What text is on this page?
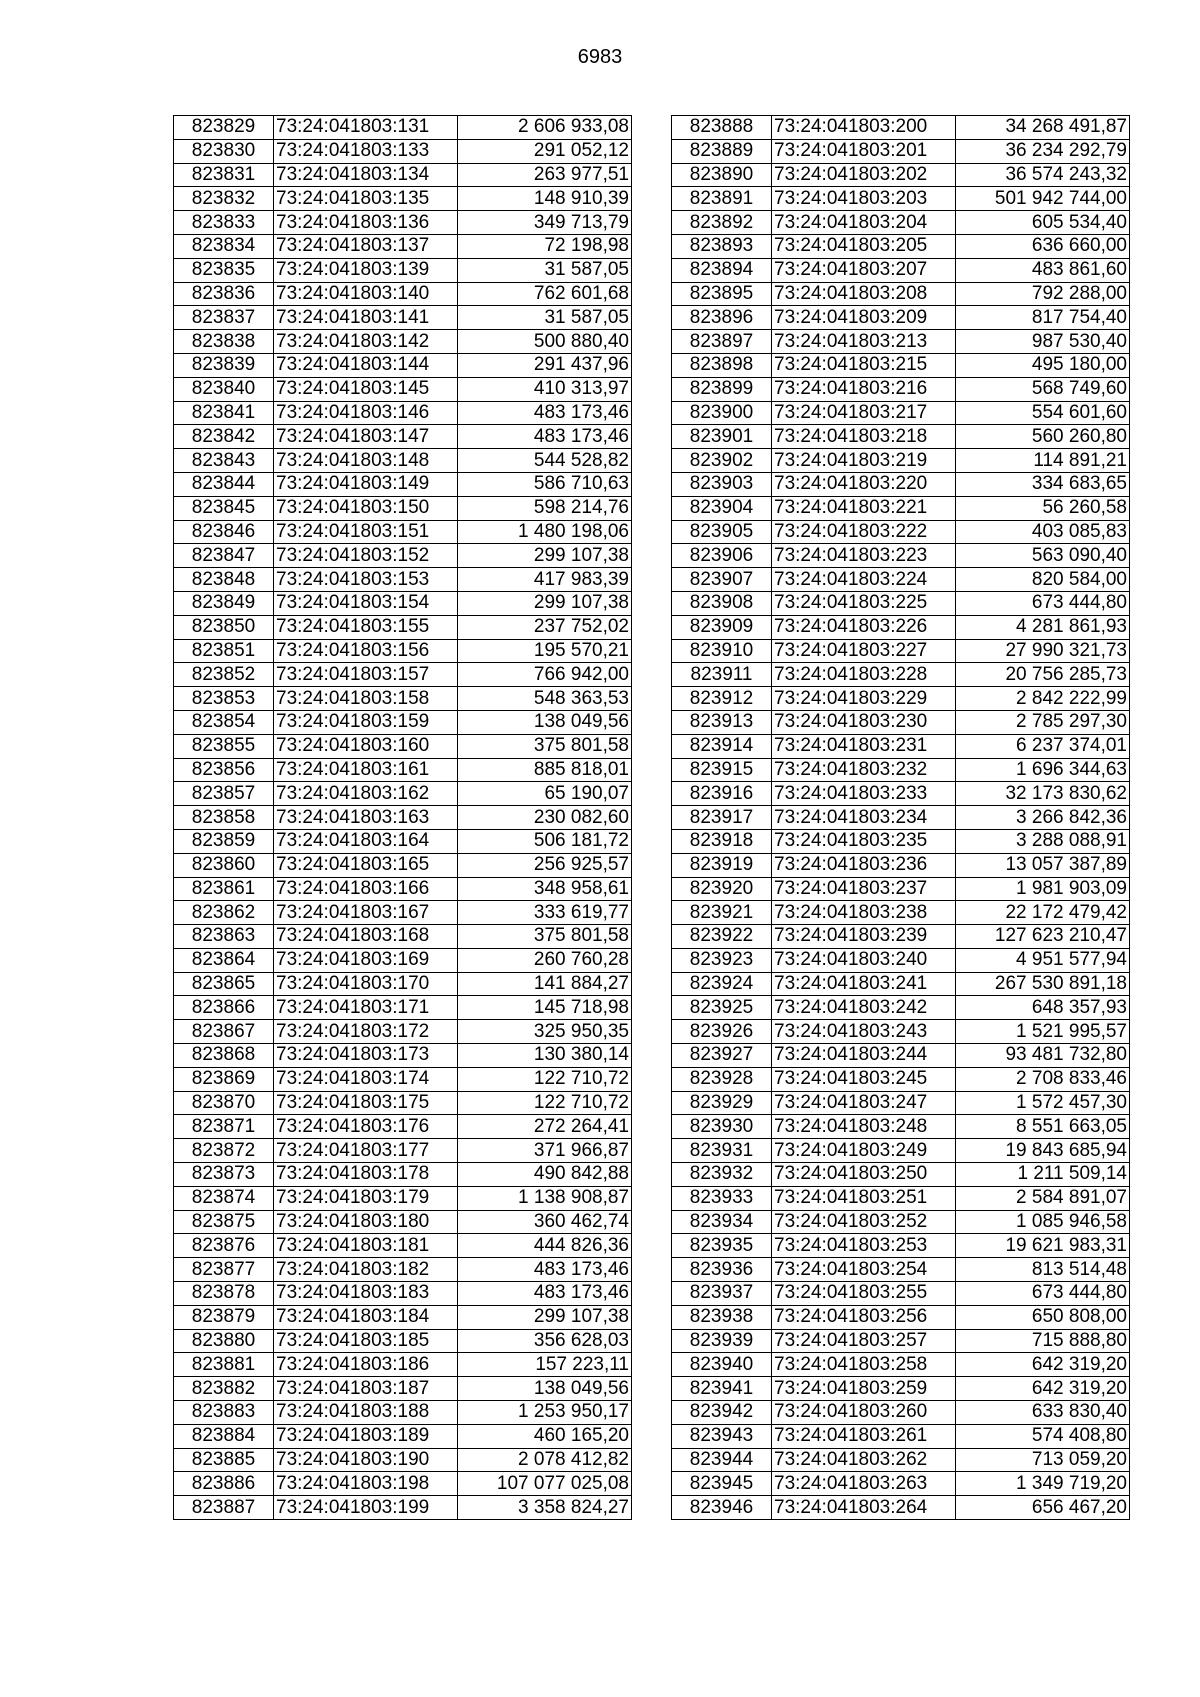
6983
823829	73:24:041803:131	2 606 933,08
823830	73:24:041803:133	291 052,12
823831	73:24:041803:134	263 977,51
823832	73:24:041803:135	148 910,39
823833	73:24:041803:136	349 713,79
823834	73:24:041803:137	72 198,98
823835	73:24:041803:139	31 587,05
823836	73:24:041803:140	762 601,68
823837	73:24:041803:141	31 587,05
823838	73:24:041803:142	500 880,40
823839	73:24:041803:144	291 437,96
823840	73:24:041803:145	410 313,97
823841	73:24:041803:146	483 173,46
823842	73:24:041803:147	483 173,46
823843	73:24:041803:148	544 528,82
823844	73:24:041803:149	586 710,63
823845	73:24:041803:150	598 214,76
823846	73:24:041803:151	1 480 198,06
823847	73:24:041803:152	299 107,38
823848	73:24:041803:153	417 983,39
823849	73:24:041803:154	299 107,38
823850	73:24:041803:155	237 752,02
823851	73:24:041803:156	195 570,21
823852	73:24:041803:157	766 942,00
823853	73:24:041803:158	548 363,53
823854	73:24:041803:159	138 049,56
823855	73:24:041803:160	375 801,58
823856	73:24:041803:161	885 818,01
823857	73:24:041803:162	65 190,07
823858	73:24:041803:163	230 082,60
823859	73:24:041803:164	506 181,72
823860	73:24:041803:165	256 925,57
823861	73:24:041803:166	348 958,61
823862	73:24:041803:167	333 619,77
823863	73:24:041803:168	375 801,58
823864	73:24:041803:169	260 760,28
823865	73:24:041803:170	141 884,27
823866	73:24:041803:171	145 718,98
823867	73:24:041803:172	325 950,35
823868	73:24:041803:173	130 380,14
823869	73:24:041803:174	122 710,72
823870	73:24:041803:175	122 710,72
823871	73:24:041803:176	272 264,41
823872	73:24:041803:177	371 966,87
823873	73:24:041803:178	490 842,88
823874	73:24:041803:179	1 138 908,87
823875	73:24:041803:180	360 462,74
823876	73:24:041803:181	444 826,36
823877	73:24:041803:182	483 173,46
823878	73:24:041803:183	483 173,46
823879	73:24:041803:184	299 107,38
823880	73:24:041803:185	356 628,03
823881	73:24:041803:186	157 223,11
823882	73:24:041803:187	138 049,56
823883	73:24:041803:188	1 253 950,17
823884	73:24:041803:189	460 165,20
823885	73:24:041803:190	2 078 412,82
823886	73:24:041803:198	107 077 025,08
823887	73:24:041803:199	3 358 824,27
823888	73:24:041803:200	34 268 491,87
823889	73:24:041803:201	36 234 292,79
823890	73:24:041803:202	36 574 243,32
823891	73:24:041803:203	501 942 744,00
823892	73:24:041803:204	605 534,40
823893	73:24:041803:205	636 660,00
823894	73:24:041803:207	483 861,60
823895	73:24:041803:208	792 288,00
823896	73:24:041803:209	817 754,40
823897	73:24:041803:213	987 530,40
823898	73:24:041803:215	495 180,00
823899	73:24:041803:216	568 749,60
823900	73:24:041803:217	554 601,60
823901	73:24:041803:218	560 260,80
823902	73:24:041803:219	114 891,21
823903	73:24:041803:220	334 683,65
823904	73:24:041803:221	56 260,58
823905	73:24:041803:222	403 085,83
823906	73:24:041803:223	563 090,40
823907	73:24:041803:224	820 584,00
823908	73:24:041803:225	673 444,80
823909	73:24:041803:226	4 281 861,93
823910	73:24:041803:227	27 990 321,73
823911	73:24:041803:228	20 756 285,73
823912	73:24:041803:229	2 842 222,99
823913	73:24:041803:230	2 785 297,30
823914	73:24:041803:231	6 237 374,01
823915	73:24:041803:232	1 696 344,63
823916	73:24:041803:233	32 173 830,62
823917	73:24:041803:234	3 266 842,36
823918	73:24:041803:235	3 288 088,91
823919	73:24:041803:236	13 057 387,89
823920	73:24:041803:237	1 981 903,09
823921	73:24:041803:238	22 172 479,42
823922	73:24:041803:239	127 623 210,47
823923	73:24:041803:240	4 951 577,94
823924	73:24:041803:241	267 530 891,18
823925	73:24:041803:242	648 357,93
823926	73:24:041803:243	1 521 995,57
823927	73:24:041803:244	93 481 732,80
823928	73:24:041803:245	2 708 833,46
823929	73:24:041803:247	1 572 457,30
823930	73:24:041803:248	8 551 663,05
823931	73:24:041803:249	19 843 685,94
823932	73:24:041803:250	1 211 509,14
823933	73:24:041803:251	2 584 891,07
823934	73:24:041803:252	1 085 946,58
823935	73:24:041803:253	19 621 983,31
823936	73:24:041803:254	813 514,48
823937	73:24:041803:255	673 444,80
823938	73:24:041803:256	650 808,00
823939	73:24:041803:257	715 888,80
823940	73:24:041803:258	642 319,20
823941	73:24:041803:259	642 319,20
823942	73:24:041803:260	633 830,40
823943	73:24:041803:261	574 408,80
823944	73:24:041803:262	713 059,20
823945	73:24:041803:263	1 349 719,20
823946	73:24:041803:264	656 467,20
